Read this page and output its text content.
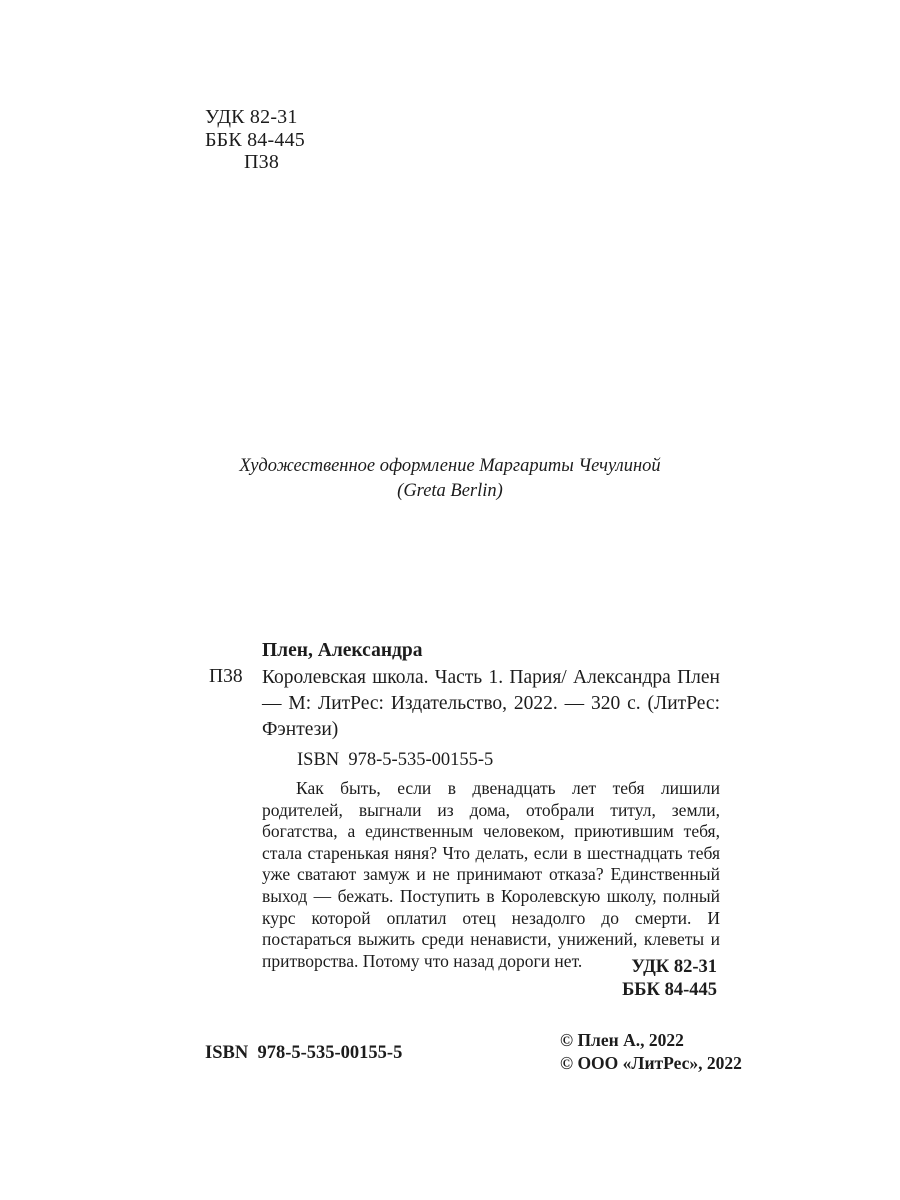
УДК 82-31
ББК 84-445
П38
Художественное оформление Маргариты Чечулиной
(Greta Berlin)
Плен, Александра
П38 Королевская школа. Часть 1. Пария/ Александра Плен — М: ЛитРес: Издательство, 2022. — 320 с. (ЛитРес: Фэнтези)
ISBN  978-5-535-00155-5
Как быть, если в двенадцать лет тебя лишили родителей, выгнали из дома, отобрали титул, земли, богатства, а единственным человеком, приютившим тебя, стала старенькая няня? Что делать, если в шестнадцать тебя уже сватают замуж и не принимают отказа? Единственный выход — бежать. Поступить в Королевскую школу, полный курс которой оплатил отец незадолго до смерти. И постараться выжить среди ненависти, унижений, клеветы и притворства. Потому что назад дороги нет.	УДК 82-31
ББК 84-445
ISBN  978-5-535-00155-5
© Плен А., 2022
© ООО «ЛитРес», 2022
